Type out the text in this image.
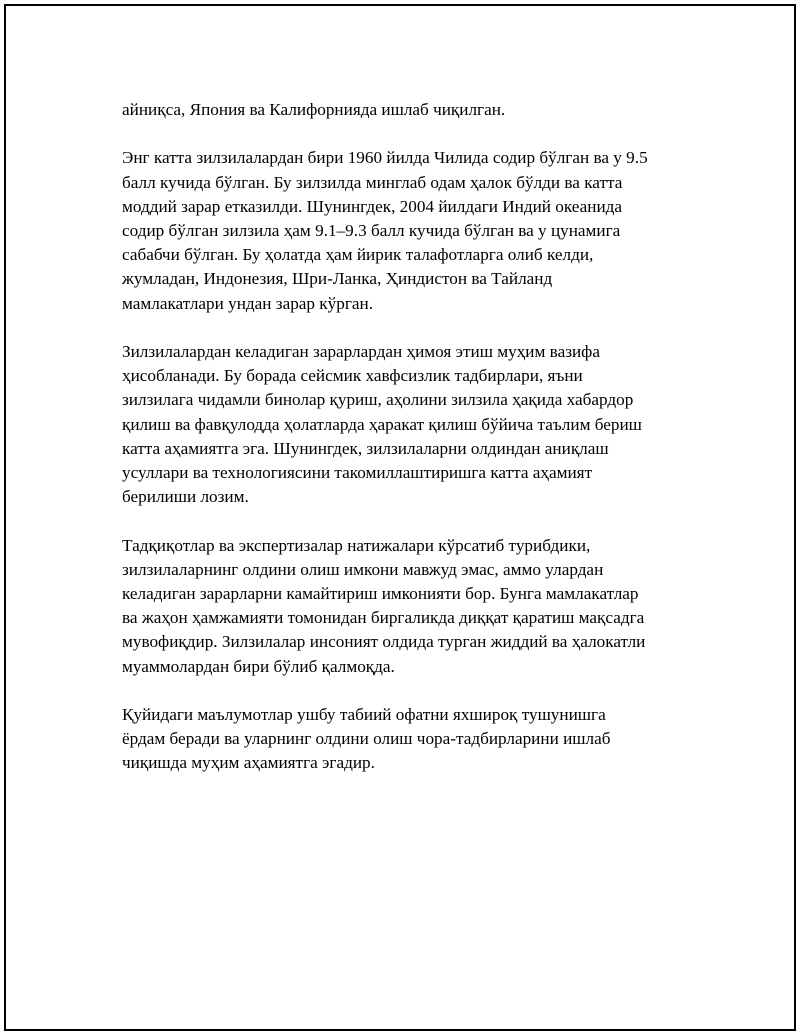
айниқса, Япония ва Калифорнияда ишлаб чиқилган.

Энг катта зилзилалардан бири 1960 йилда Чилида содир бўлган ва у 9.5
балл кучида бўлган. Бу зилзилда минглаб одам ҳалок бўлди ва катта
моддий зарар етказилди. Шунингдек, 2004 йилдаги Индий океанида
содир бўлган зилзила ҳам 9.1–9.3 балл кучида бўлган ва у цунамига
сабабчи бўлган. Бу ҳолатда ҳам йирик талафотларга олиб келди,
жумладан, Индонезия, Шри-Ланка, Ҳиндистон ва Тайланд
мамлакатлари ундан зарар кўрган.

Зилзилалардан келадиган зарарлардан ҳимоя этиш муҳим вазифа
ҳисобланади. Бу борада сейсмик хавфсизлик тадбирлари, яъни
зилзилага чидамли бинолар қуриш, аҳолини зилзила ҳақида хабардор
қилиш ва фавқулодда ҳолатларда ҳаракат қилиш бўйича таълим бериш
катта аҳамиятга эга. Шунингдек, зилзилаларни олдиндан аниқлаш
усуллари ва технологиясини такомиллаштиришга катта аҳамият
берилиши лозим.

Тадқиқотлар ва экспертизалар натижалари кўрсатиб турибдики,
зилзилаларнинг олдини олиш имкони мавжуд эмас, аммо улардан
келадиган зарарларни камайтириш имконияти бор. Бунга мамлакатлар
ва жаҳон ҳамжамияти томонидан биргаликда диққат қаратиш мақсадга
мувофиқдир. Зилзилалар инсоният олдида турган жиддий ва ҳалокатли
муаммолардан бири бўлиб қалмоқда.

Қуйидаги маълумотлар ушбу табиий офатни яхшироқ тушунишга
ёрдам беради ва уларнинг олдини олиш чора-тадбирларини ишлаб
чиқишда муҳим аҳамиятга эгадир.
